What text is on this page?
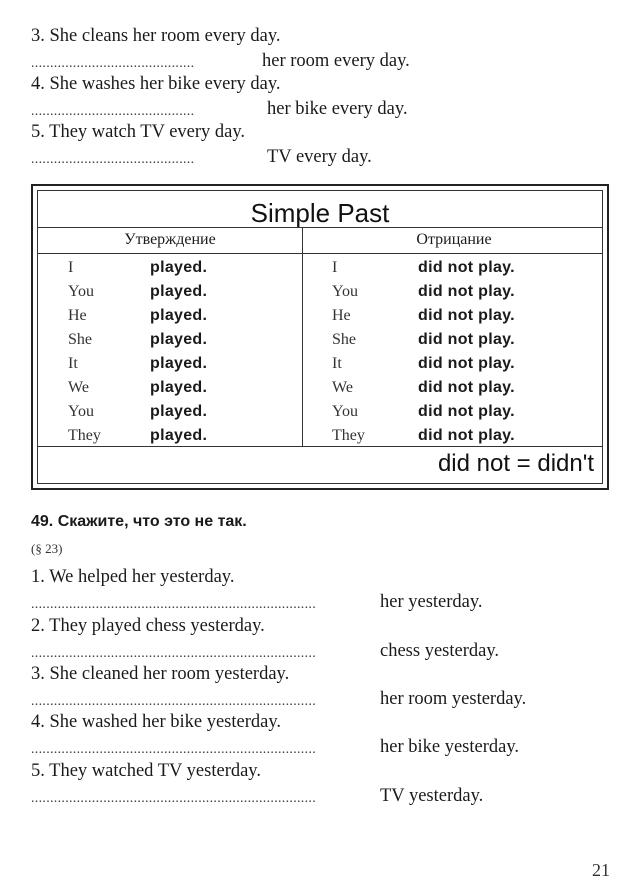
3. She cleans her room every day.
...........................................	her room every day.
4. She washes her bike every day.
...........................................	her bike every day.
5. They watch TV every day.
...........................................	TV every day.
Simple Past
Утверждение	Отрицание
I	played.	I	did not play.
You	played.	You	did not play.
He	played.	He	did not play.
She	played.	She	did not play.
It	played.	It	did not play.
We	played.	We	did not play.
You	played.	You	did not play.
They	played.	They	did not play.
did not = didn't
49. Скажите, что это не так.
(§ 23)
1. We helped her yesterday.
...........................................................................	her yesterday.
2. They played chess yesterday.
...........................................................................	chess yesterday.
3. She cleaned her room yesterday.
...........................................................................	her room yesterday.
4. She washed her bike yesterday.
...........................................................................	her bike yesterday.
5. They watched TV yesterday.
...........................................................................	TV yesterday.
21
